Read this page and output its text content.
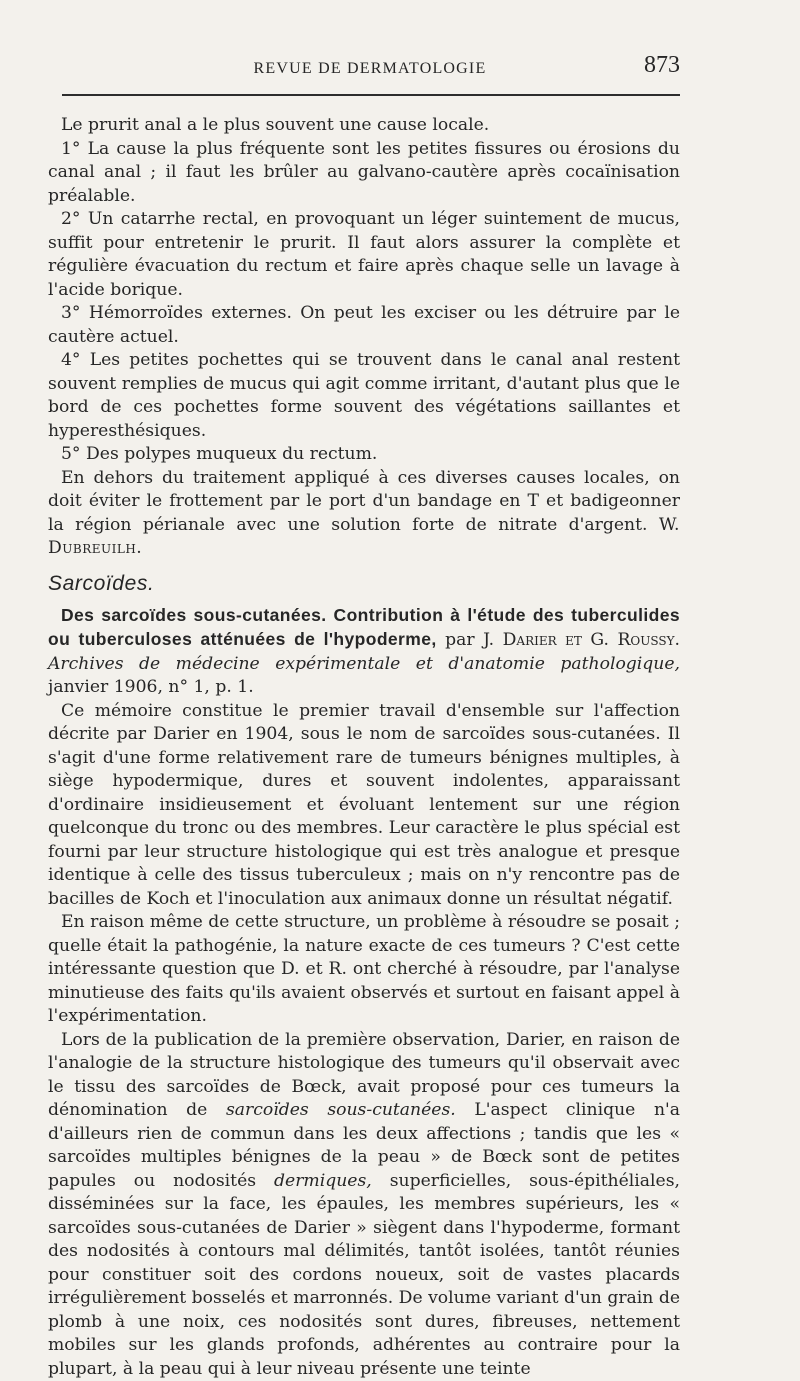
REVUE DE DERMATOLOGIE	873

Le prurit anal a le plus souvent une cause locale.

1° La cause la plus fréquente sont les petites fissures ou érosions du canal anal ; il faut les brûler au galvano-cautère après cocaïnisation préalable.

2° Un catarrhe rectal, en provoquant un léger suintement de mucus, suffit pour entretenir le prurit. Il faut alors assurer la complète et régulière évacuation du rectum et faire après chaque selle un lavage à l'acide borique.

3° Hémorroïdes externes. On peut les exciser ou les détruire par le cautère actuel.

4° Les petites pochettes qui se trouvent dans le canal anal restent souvent remplies de mucus qui agit comme irritant, d'autant plus que le bord de ces pochettes forme souvent des végétations saillantes et hyperesthésiques.

5° Des polypes muqueux du rectum.

En dehors du traitement appliqué à ces diverses causes locales, on doit éviter le frottement par le port d'un bandage en T et badigeonner la région périanale avec une solution forte de nitrate d'argent. W. Dubreuilh.

Sarcoïdes.

Des sarcoïdes sous-cutanées. Contribution à l'étude des tuberculides ou tuberculoses atténuées de l'hypoderme, par J. Darier et G. Roussy. Archives de médecine expérimentale et d'anatomie pathologique, janvier 1906, n° 1, p. 1.

Ce mémoire constitue le premier travail d'ensemble sur l'affection décrite par Darier en 1904, sous le nom de sarcoïdes sous-cutanées. Il s'agit d'une forme relativement rare de tumeurs bénignes multiples, à siège hypodermique, dures et souvent indolentes, apparaissant d'ordinaire insidieusement et évoluant lentement sur une région quelconque du tronc ou des membres. Leur caractère le plus spécial est fourni par leur structure histologique qui est très analogue et presque identique à celle des tissus tuberculeux ; mais on n'y rencontre pas de bacilles de Koch et l'inoculation aux animaux donne un résultat négatif.

En raison même de cette structure, un problème à résoudre se posait ; quelle était la pathogénie, la nature exacte de ces tumeurs ? C'est cette intéressante question que D. et R. ont cherché à résoudre, par l'analyse minutieuse des faits qu'ils avaient observés et surtout en faisant appel à l'expérimentation.

Lors de la publication de la première observation, Darier, en raison de l'analogie de la structure histologique des tumeurs qu'il observait avec le tissu des sarcoïdes de Bœck, avait proposé pour ces tumeurs la dénomination de sarcoïdes sous-cutanées. L'aspect clinique n'a d'ailleurs rien de commun dans les deux affections ; tandis que les « sarcoïdes multiples bénignes de la peau » de Bœck sont de petites papules ou nodosités dermiques, superficielles, sous-épithéliales, disséminées sur la face, les épaules, les membres supérieurs, les « sarcoïdes sous-cutanées de Darier » siègent dans l'hypoderme, formant des nodosités à contours mal délimités, tantôt isolées, tantôt réunies pour constituer soit des cordons noueux, soit de vastes placards irrégulièrement bosselés et marronnés. De volume variant d'un grain de plomb à une noix, ces nodosités sont dures, fibreuses, nettement mobiles sur les glands profonds, adhérentes au contraire pour la plupart, à la peau qui à leur niveau présente une teinte
